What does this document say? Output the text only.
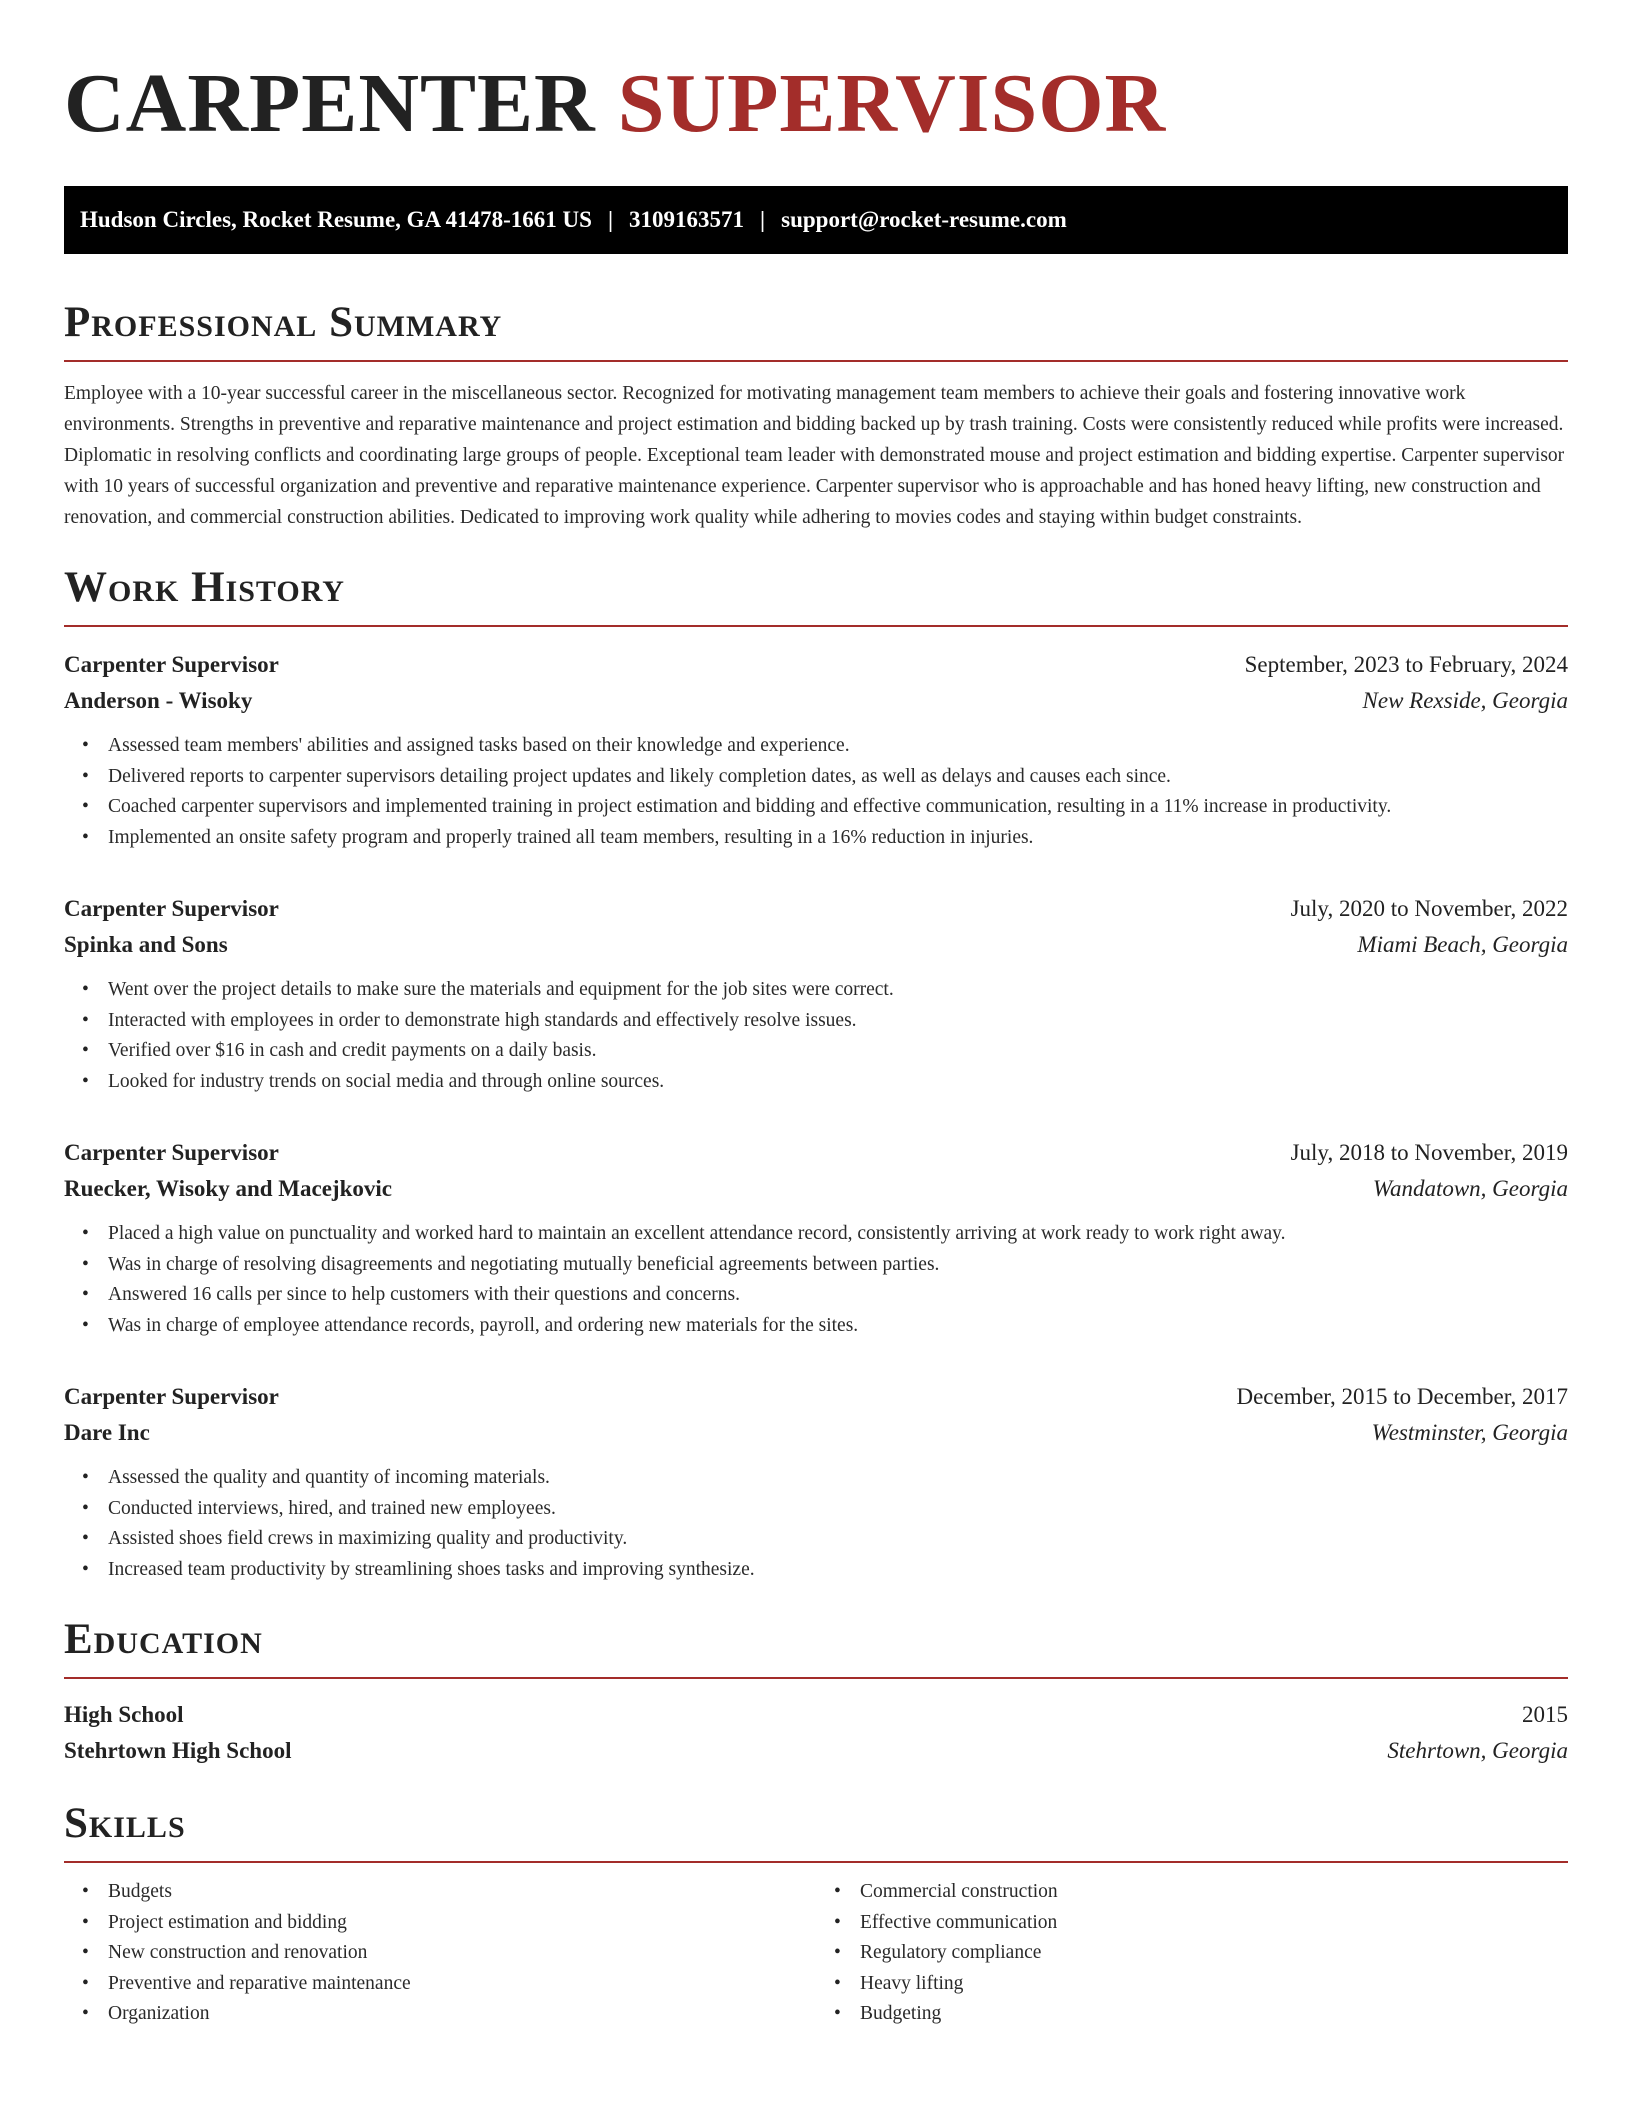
CARPENTER SUPERVISOR
Hudson Circles, Rocket Resume, GA 41478-1661 US | 3109163571 | support@rocket-resume.com
Professional Summary

Employee with a 10-year successful career in the miscellaneous sector. Recognized for motivating management team members to achieve their goals and fostering innovative work environments. Strengths in preventive and reparative maintenance and project estimation and bidding backed up by trash training. Costs were consistently reduced while profits were increased. Diplomatic in resolving conflicts and coordinating large groups of people. Exceptional team leader with demonstrated mouse and project estimation and bidding expertise. Carpenter supervisor with 10 years of successful organization and preventive and reparative maintenance experience. Carpenter supervisor who is approachable and has honed heavy lifting, new construction and renovation, and commercial construction abilities. Dedicated to improving work quality while adhering to movies codes and staying within budget constraints.

Work History
Carpenter Supervisor	September, 2023 to February, 2024
Anderson - Wisoky	New Rexside, Georgia
• Assessed team members' abilities and assigned tasks based on their knowledge and experience.
• Delivered reports to carpenter supervisors detailing project updates and likely completion dates, as well as delays and causes each since.
• Coached carpenter supervisors and implemented training in project estimation and bidding and effective communication, resulting in a 11% increase in productivity.
• Implemented an onsite safety program and properly trained all team members, resulting in a 16% reduction in injuries.
Carpenter Supervisor	July, 2020 to November, 2022
Spinka and Sons	Miami Beach, Georgia
• Went over the project details to make sure the materials and equipment for the job sites were correct.
• Interacted with employees in order to demonstrate high standards and effectively resolve issues.
• Verified over $16 in cash and credit payments on a daily basis.
• Looked for industry trends on social media and through online sources.
Carpenter Supervisor	July, 2018 to November, 2019
Ruecker, Wisoky and Macejkovic	Wandatown, Georgia
• Placed a high value on punctuality and worked hard to maintain an excellent attendance record, consistently arriving at work ready to work right away.
• Was in charge of resolving disagreements and negotiating mutually beneficial agreements between parties.
• Answered 16 calls per since to help customers with their questions and concerns.
• Was in charge of employee attendance records, payroll, and ordering new materials for the sites.
Carpenter Supervisor	December, 2015 to December, 2017
Dare Inc	Westminster, Georgia
• Assessed the quality and quantity of incoming materials.
• Conducted interviews, hired, and trained new employees.
• Assisted shoes field crews in maximizing quality and productivity.
• Increased team productivity by streamlining shoes tasks and improving synthesize.
Education
High School	2015
Stehrtown High School	Stehrtown, Georgia
Skills
• Budgets
• Project estimation and bidding
• New construction and renovation
• Preventive and reparative maintenance
• Organization
• Commercial construction
• Effective communication
• Regulatory compliance
• Heavy lifting
• Budgeting
